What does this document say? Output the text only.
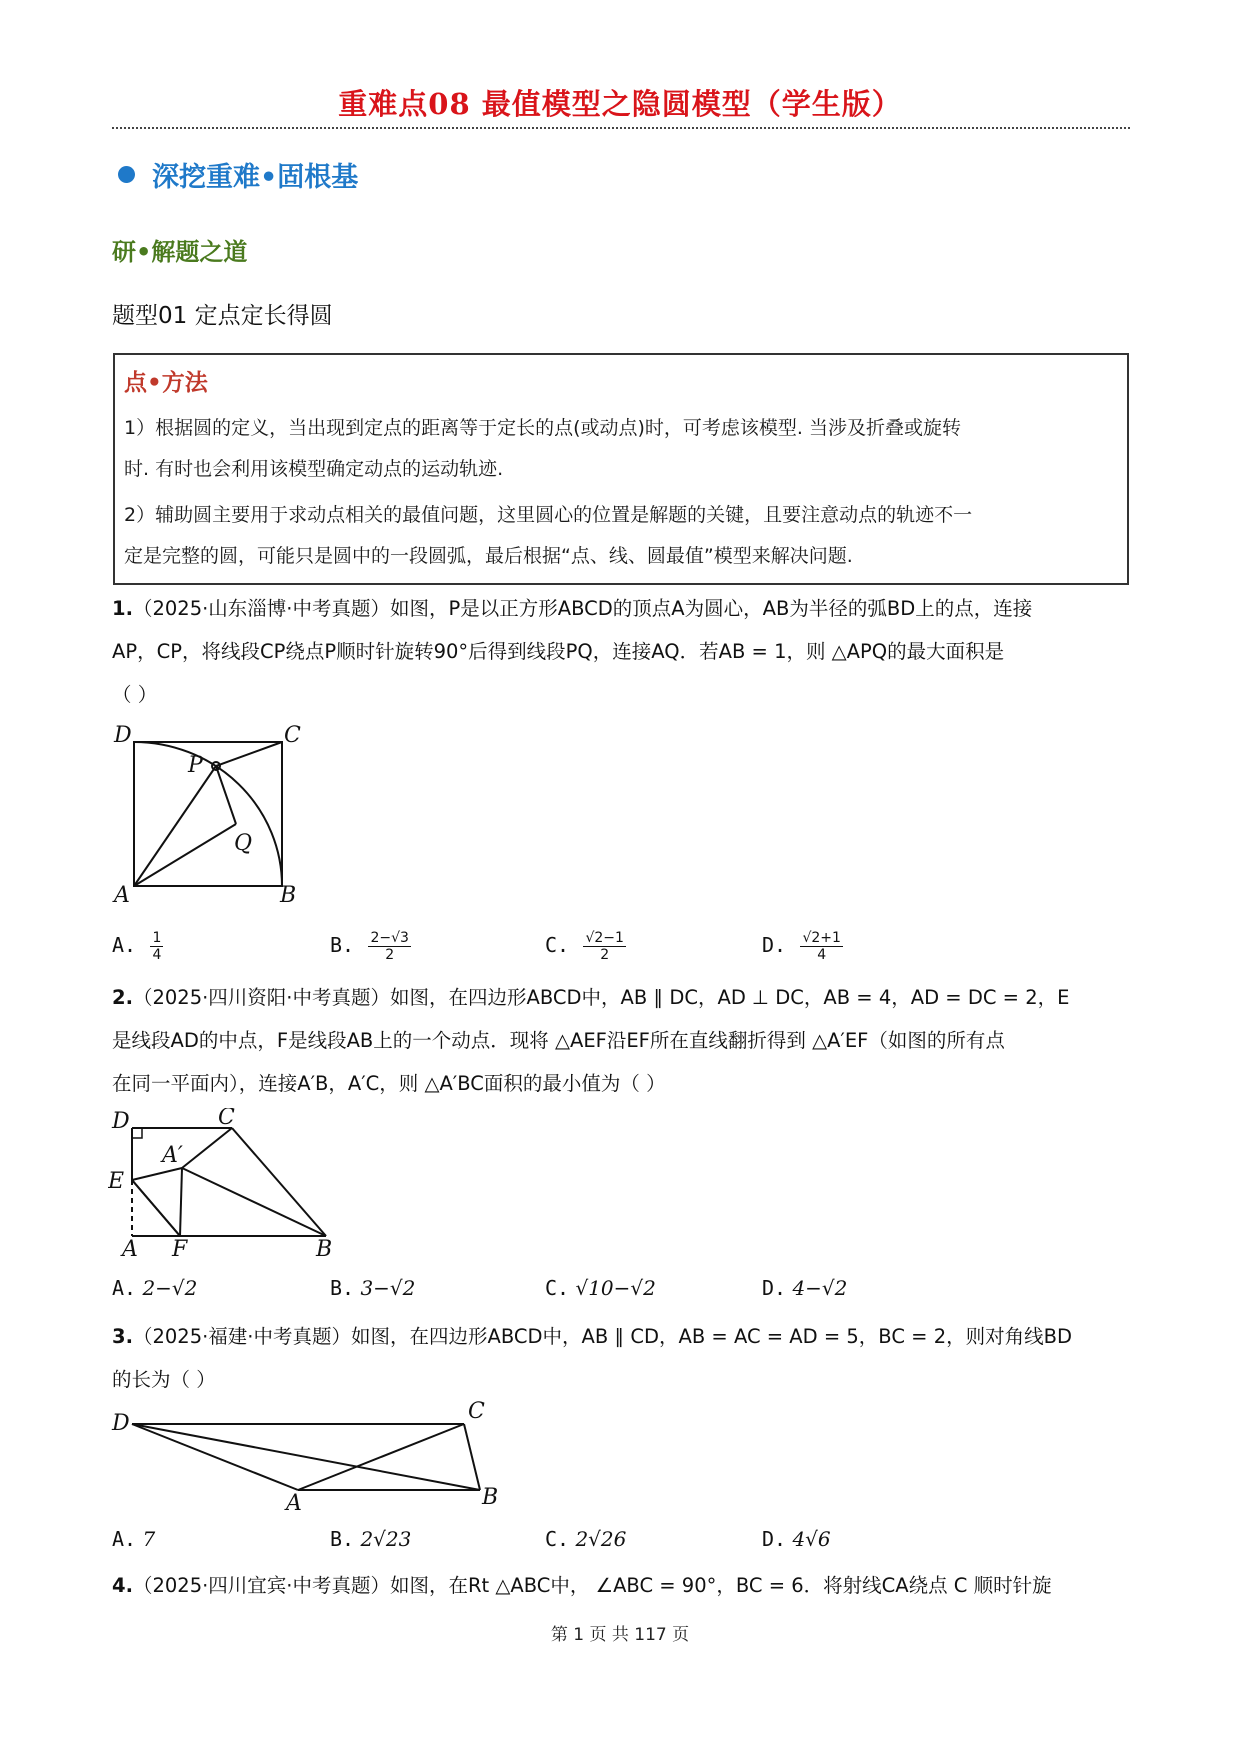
重难点08 最值模型之隐圆模型（学生版）
深挖重难•固根基
研•解题之道
题型01 定点定长得圆
点•方法
1）根据圆的定义，当出现到定点的距离等于定长的点(或动点)时，可考虑该模型. 当涉及折叠或旋转
时. 有时也会利用该模型确定动点的运动轨迹.
2）辅助圆主要用于求动点相关的最值问题，这里圆心的位置是解题的关键，且要注意动点的轨迹不一
定是完整的圆，可能只是圆中的一段圆弧，最后根据“点、线、圆最值”模型来解决问题.
1.（2025·山东淄博·中考真题）如图，P是以正方形ABCD的顶点A为圆心，AB为半径的弧BD上的点，连接
AP，CP，将线段CP绕点P顺时针旋转90°后得到线段PQ，连接AQ．若AB = 1，则 △APQ的最大面积是
（ ）
D	C
P
Q
A	B
A. $\frac{1}{4}$	B. $\frac{2-√3}{2}$	C. $\frac{√2-1}{2}$	D. $\frac{√2+1}{4}$
2.（2025·四川资阳·中考真题）如图，在四边形ABCD中，AB ∥ DC，AD ⊥ DC，AB = 4，AD = DC = 2，E
是线段AD的中点，F是线段AB上的一个动点．现将 △AEF沿EF所在直线翻折得到 △A′EF（如图的所有点
在同一平面内），连接A′B，A′C，则 △A′BC面积的最小值为（ ）
D	C
A′
E
A F	B
A. 2−√2	B. 3−√2	C. √10−√2	D. 4−√2
3.（2025·福建·中考真题）如图，在四边形ABCD中，AB ∥ CD，AB = AC = AD = 5，BC = 2，则对角线BD
的长为（ ）
D	C
A	B
A. 7	B. 2√23	C. 2√26	D. 4√6
4.（2025·四川宜宾·中考真题）如图，在Rt △ABC中， ∠ABC = 90°，BC = 6．将射线CA绕点 C 顺时针旋
第 1 页 共 117 页
